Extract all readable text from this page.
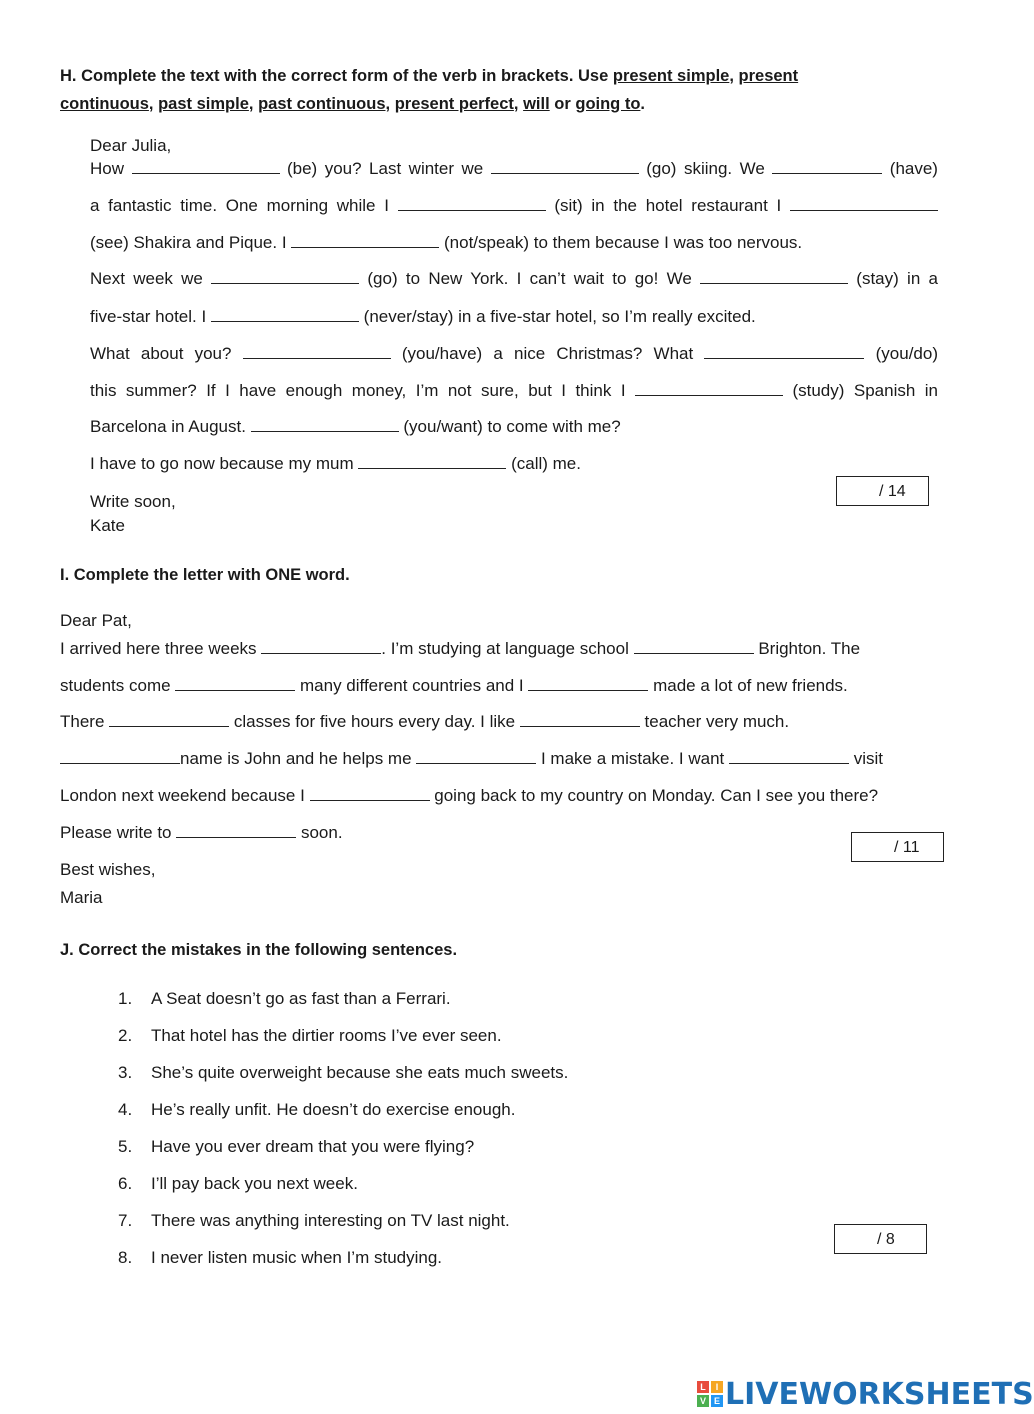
H. Complete the text with the correct form of the verb in brackets. Use present simple, present
continuous, past simple, past continuous, present perfect, will or going to.
Dear Julia,
How	(be) you? Last winter we	(go) skiing. We	(have)
a fantastic time. One morning while I	(sit) in the hotel restaurant I
(see) Shakira and Pique. I	(not/speak) to them because I was too nervous.
Next week we	(go) to New York. I can’t wait to go! We	(stay) in a
five-star hotel. I	(never/stay) in a five-star hotel, so I’m really excited.
What about you?	(you/have) a nice Christmas? What	(you/do)
this summer? If I have enough money, I’m not sure, but I think I	(study) Spanish in
Barcelona in August.	(you/want) to come with me?
I have to go now because my mum	(call) me.
Write soon,
Kate
/ 14
I. Complete the letter with ONE word.
Dear Pat,
I arrived here three weeks	. I’m studying at language school	Brighton. The
students come	many different countries and I	made a lot of new friends.
There	classes for five hours every day. I like	teacher very much.
name is John and he helps me	I make a mistake. I want	visit
London next weekend because I	going back to my country on Monday. Can I see you there?
Please write to	soon.
Best wishes,
Maria
/ 11
J. Correct the mistakes in the following sentences.
1. A Seat doesn’t go as fast than a Ferrari.
2. That hotel has the dirtier rooms I’ve ever seen.
3. She’s quite overweight because she eats much sweets.
4. He’s really unfit. He doesn’t do exercise enough.
5. Have you ever dream that you were flying?
6. I’ll pay back you next week.
7. There was anything interesting on TV last night.
8. I never listen music when I’m studying.
/ 8
L	I
V E LIVEWORKSHEETS
